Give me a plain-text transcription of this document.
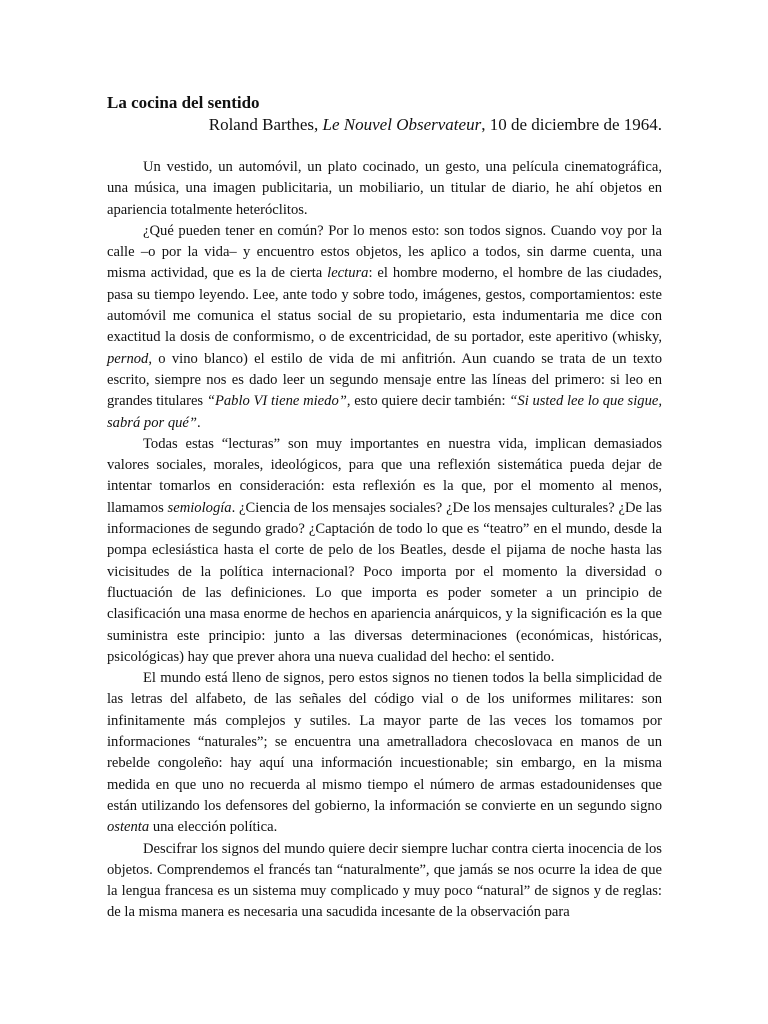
La cocina del sentido

Roland Barthes, Le Nouvel Observateur, 10 de diciembre de 1964.

Un vestido, un automóvil, un plato cocinado, un gesto, una película cinematográfica, una música, una imagen publicitaria, un mobiliario, un titular de diario, he ahí objetos en apariencia totalmente heteróclitos.

¿Qué pueden tener en común? Por lo menos esto: son todos signos. Cuando voy por la calle –o por la vida– y encuentro estos objetos, les aplico a todos, sin darme cuenta, una misma actividad, que es la de cierta lectura: el hombre moderno, el hombre de las ciudades, pasa su tiempo leyendo. Lee, ante todo y sobre todo, imágenes, gestos, comportamientos: este automóvil me comunica el status social de su propietario, esta indumentaria me dice con exactitud la dosis de conformismo, o de excentricidad, de su portador, este aperitivo (whisky, pernod, o vino blanco) el estilo de vida de mi anfitrión. Aun cuando se trata de un texto escrito, siempre nos es dado leer un segundo mensaje entre las líneas del primero: si leo en grandes titulares “Pablo VI tiene miedo”, esto quiere decir también: “Si usted lee lo que sigue, sabrá por qué”.

Todas estas “lecturas” son muy importantes en nuestra vida, implican demasiados valores sociales, morales, ideológicos, para que una reflexión sistemática pueda dejar de intentar tomarlos en consideración: esta reflexión es la que, por el momento al menos, llamamos semiología. ¿Ciencia de los mensajes sociales? ¿De los mensajes culturales? ¿De las informaciones de segundo grado? ¿Captación de todo lo que es “teatro” en el mundo, desde la pompa eclesiástica hasta el corte de pelo de los Beatles, desde el pijama de noche hasta las vicisitudes de la política internacional? Poco importa por el momento la diversidad o fluctuación de las definiciones. Lo que importa es poder someter a un principio de clasificación una masa enorme de hechos en apariencia anárquicos, y la significación es la que suministra este principio: junto a las diversas determinaciones (económicas, históricas, psicológicas) hay que prever ahora una nueva cualidad del hecho: el sentido.

El mundo está lleno de signos, pero estos signos no tienen todos la bella simplicidad de las letras del alfabeto, de las señales del código vial o de los uniformes militares: son infinitamente más complejos y sutiles. La mayor parte de las veces los tomamos por informaciones “naturales”; se encuentra una ametralladora checoslovaca en manos de un rebelde congoleño: hay aquí una información incuestionable; sin embargo, en la misma medida en que uno no recuerda al mismo tiempo el número de armas estadounidenses que están utilizando los defensores del gobierno, la información se convierte en un segundo signo ostenta una elección política.

Descifrar los signos del mundo quiere decir siempre luchar contra cierta inocencia de los objetos. Comprendemos el francés tan “naturalmente”, que jamás se nos ocurre la idea de que la lengua francesa es un sistema muy complicado y muy poco “natural” de signos y de reglas: de la misma manera es necesaria una sacudida incesante de la observación para
